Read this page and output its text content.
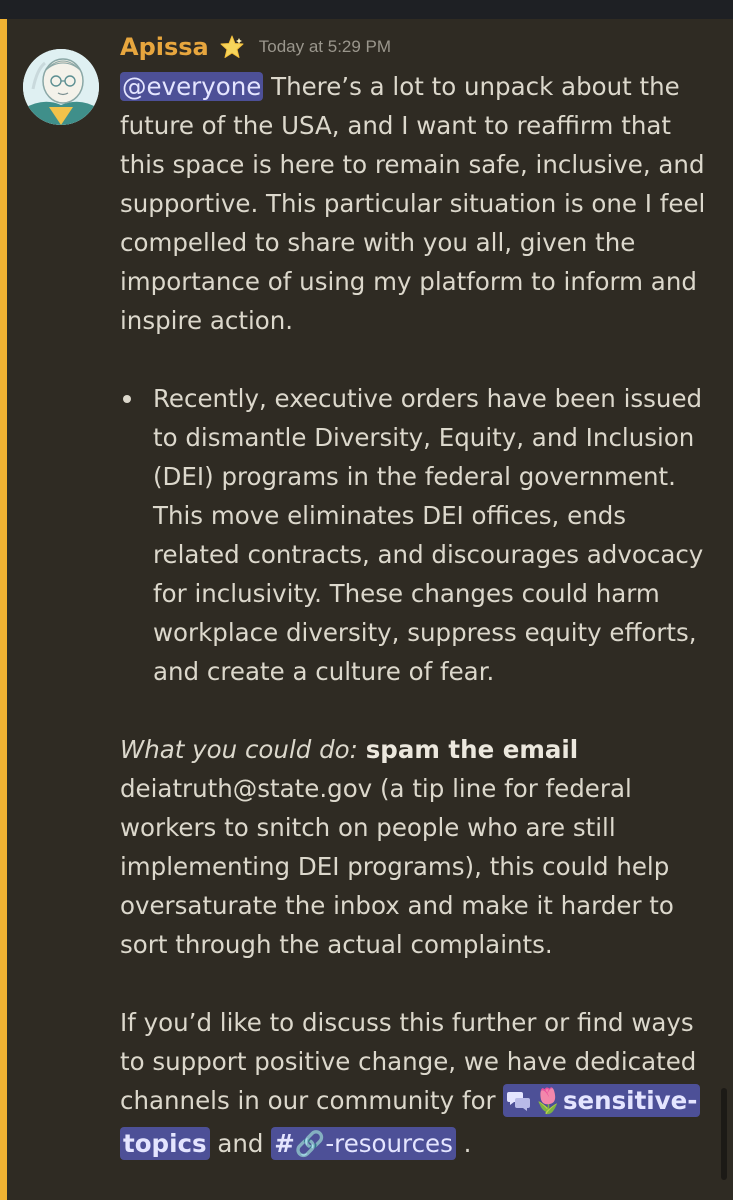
Apissa	Today at 5:29 PM

@everyone There’s a lot to unpack about the future of the USA, and I want to reaffirm that this space is here to remain safe, inclusive, and supportive. This particular situation is one I feel compelled to share with you all, given the importance of using my platform to inform and inspire action.

Recently, executive orders have been issued to dismantle Diversity, Equity, and Inclusion (DEI) programs in the federal government. This move eliminates DEI offices, ends related contracts, and discourages advocacy for inclusivity. These changes could harm workplace diversity, suppress equity efforts, and create a culture of fear.

What you could do: spam the email deiatruth@state.gov (a tip line for federal workers to snitch on people who are still implementing DEI programs), this could help oversaturate the inbox and make it harder to sort through the actual complaints.

If you’d like to discuss this further or find ways to support positive change, we have dedicated channels in our community for 🌷sensitive-topics and #🔗-resources .
